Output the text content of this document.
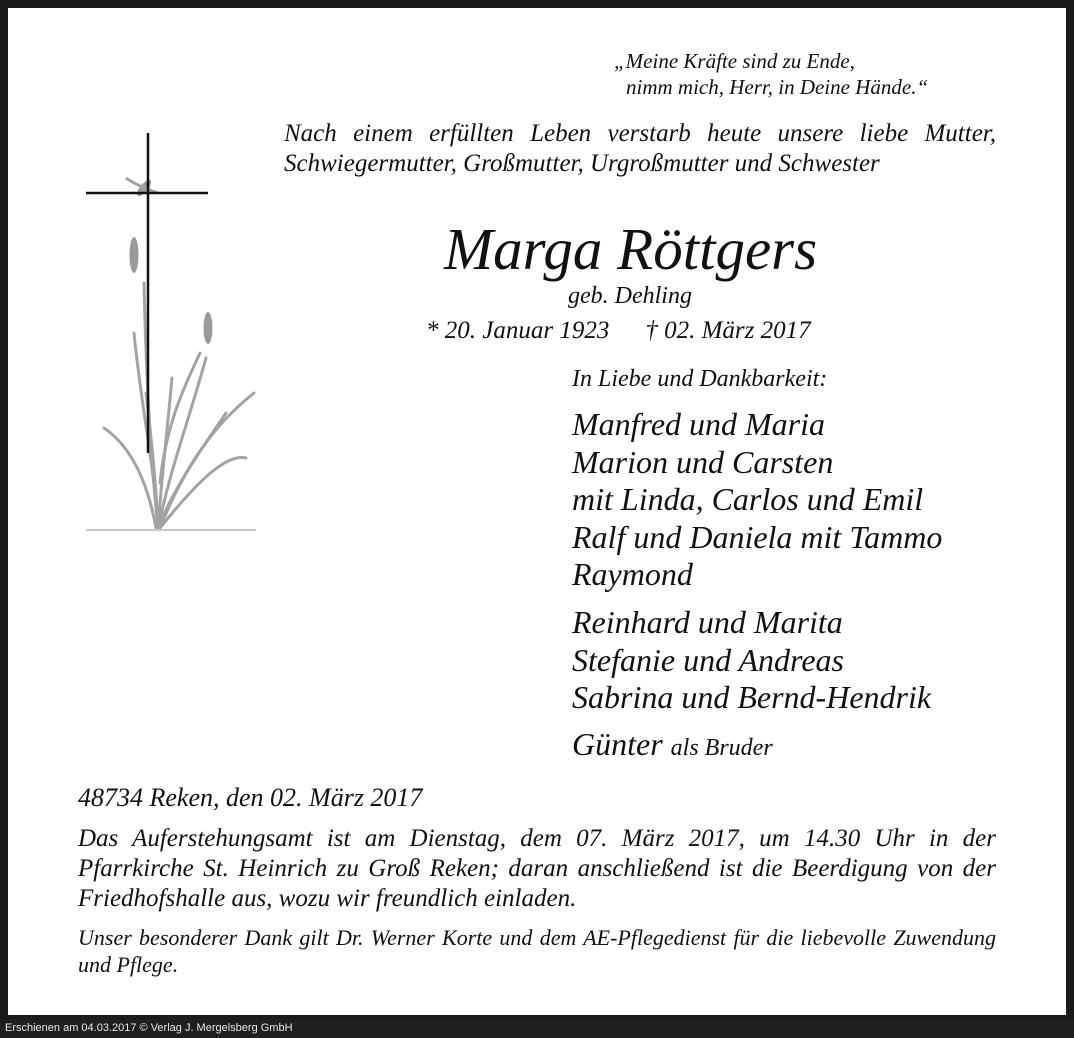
„Meine Kräfte sind zu Ende,

nimm mich, Herr, in Deine Hände.“

Nach einem erfüllten Leben verstarb heute unsere liebe Mutter, Schwiegermutter, Großmutter, Urgroßmutter und Schwester

Marga Röttgers
geb. Dehling
* 20. Januar 1923 † 02. März 2017
In Liebe und Dankbarkeit:
Manfred und Maria
Marion und Carsten
mit Linda, Carlos und Emil
Ralf und Daniela mit Tammo
Raymond
Reinhard und Marita
Stefanie und Andreas
Sabrina und Bernd-Hendrik
Günter als Bruder
48734 Reken, den 02. März 2017

Das Auferstehungsamt ist am Dienstag, dem 07. März 2017, um 14.30 Uhr in der Pfarrkirche St. Heinrich zu Groß Reken; daran anschließend ist die Beerdigung von der Friedhofshalle aus, wozu wir freundlich einladen.

Unser besonderer Dank gilt Dr. Werner Korte und dem AE-Pflegedienst für die liebevolle Zuwendung und Pflege.

Erschienen am 04.03.2017 © Verlag J. Mergelsberg GmbH
